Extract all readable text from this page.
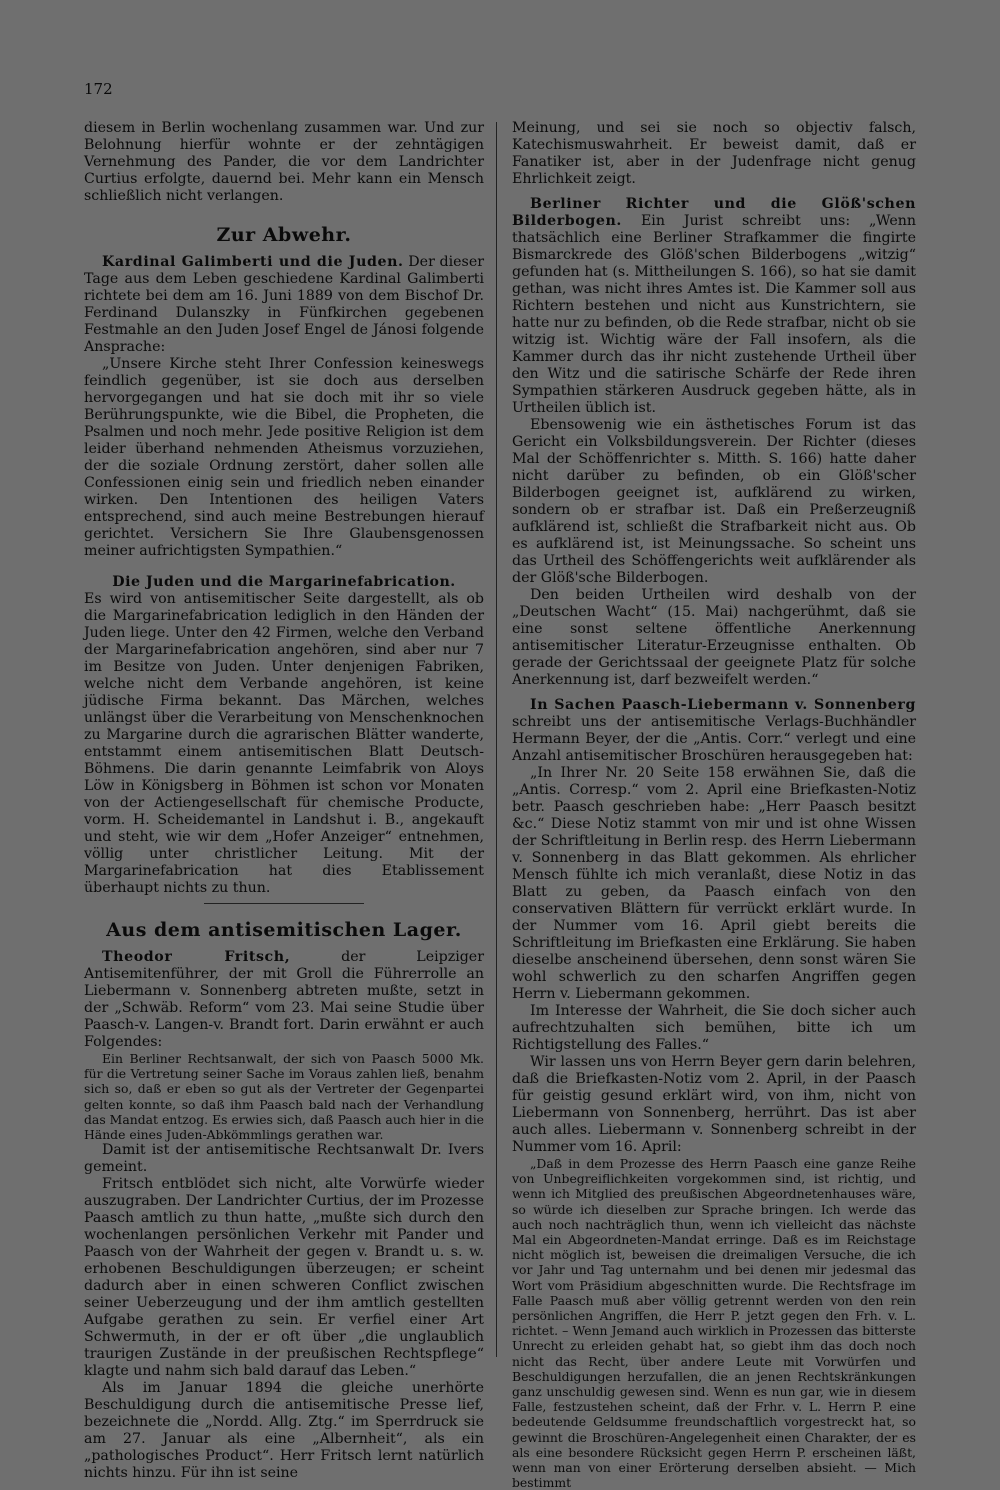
172

diesem in Berlin wochenlang zusammen war. Und zur Belohnung hierfür wohnte er der zehntägigen Vernehmung des Pander, die vor dem Landrichter Curtius erfolgte, dauernd bei. Mehr kann ein Mensch schließlich nicht verlangen.

Zur Abwehr.

Kardinal Galimberti und die Juden. Der dieser Tage aus dem Leben geschiedene Kardinal Galimberti richtete bei dem am 16. Juni 1889 von dem Bischof Dr. Ferdinand Dulanszky in Fünfkirchen gegebenen Festmahle an den Juden Josef Engel de Jánosi folgende Ansprache:

„Unsere Kirche steht Ihrer Confession keineswegs feindlich gegenüber, ist sie doch aus derselben hervorgegangen und hat sie doch mit ihr so viele Berührungspunkte, wie die Bibel, die Propheten, die Psalmen und noch mehr. Jede positive Religion ist dem leider überhand nehmenden Atheismus vorzuziehen, der die soziale Ordnung zerstört, daher sollen alle Confessionen einig sein und friedlich neben einander wirken. Den Intentionen des heiligen Vaters entsprechend, sind auch meine Bestrebungen hierauf gerichtet. Versichern Sie Ihre Glaubensgenossen meiner aufrichtigsten Sympathien.“

Die Juden und die Margarinefabrication.

Es wird von antisemitischer Seite dargestellt, als ob die Margarinefabrication lediglich in den Händen der Juden liege. Unter den 42 Firmen, welche den Verband der Margarinefabrication angehören, sind aber nur 7 im Besitze von Juden. Unter denjenigen Fabriken, welche nicht dem Verbande angehören, ist keine jüdische Firma bekannt. Das Märchen, welches unlängst über die Verarbeitung von Menschenknochen zu Margarine durch die agrarischen Blätter wanderte, entstammt einem antisemitischen Blatt Deutsch-Böhmens. Die darin genannte Leimfabrik von Aloys Löw in Königsberg in Böhmen ist schon vor Monaten von der Actiengesellschaft für chemische Producte, vorm. H. Scheidemantel in Landshut i. B., angekauft und steht, wie wir dem „Hofer Anzeiger“ entnehmen, völlig unter christlicher Leitung. Mit der Margarinefabrication hat dies Etablissement überhaupt nichts zu thun.

Aus dem antisemitischen Lager.

Theodor Fritsch,	der Leipziger Antisemitenführer, der mit Groll die Führerrolle an Liebermann v. Sonnenberg abtreten mußte, setzt in der „Schwäb. Reform“ vom 23. Mai seine Studie über Paasch-v. Langen-v. Brandt fort. Darin erwähnt er auch Folgendes:

Ein Berliner Rechtsanwalt, der sich von Paasch 5000 Mk. für die Vertretung seiner Sache im Voraus zahlen ließ, benahm sich so, daß er eben so gut als der Vertreter der Gegenpartei gelten konnte, so daß ihm Paasch bald nach der Verhandlung das Mandat entzog. Es erwies sich, daß Paasch auch hier in die Hände eines Juden-Abkömmlings gerathen war.

Damit ist der antisemitische Rechtsanwalt Dr. Ivers gemeint.

Fritsch entblödet sich nicht, alte Vorwürfe wieder auszugraben. Der Landrichter Curtius, der im Prozesse Paasch amtlich zu thun hatte, „mußte sich durch den wochenlangen persönlichen Verkehr mit Pander und Paasch von der Wahrheit der gegen v. Brandt u. s. w. erhobenen Beschuldigungen überzeugen; er scheint dadurch aber in einen schweren Conflict zwischen seiner Ueberzeugung und der ihm amtlich gestellten Aufgabe gerathen zu sein. Er verfiel einer Art Schwermuth, in der er oft über „die unglaublich traurigen Zustände in der preußischen Rechtspflege“ klagte und nahm sich bald darauf das Leben.“

Als im Januar 1894 die gleiche unerhörte Beschuldigung durch die antisemitische Presse lief, bezeichnete die „Nordd. Allg. Ztg.“ im Sperrdruck sie am 27. Januar als eine „Albernheit“, als ein „pathologisches Product“. Herr Fritsch lernt natürlich nichts hinzu. Für ihn ist seine

Meinung, und sei sie noch so objectiv falsch, Katechismuswahrheit. Er beweist damit, daß er Fanatiker ist, aber in der Judenfrage nicht genug Ehrlichkeit zeigt.

Berliner Richter und die Glöß'schen Bilderbogen. Ein Jurist schreibt uns: „Wenn thatsächlich eine Berliner Strafkammer die fingirte Bismarckrede des Glöß'schen Bilderbogens „witzig“ gefunden hat (s. Mittheilungen S. 166), so hat sie damit gethan, was nicht ihres Amtes ist. Die Kammer soll aus Richtern bestehen und nicht aus Kunstrichtern, sie hatte nur zu befinden, ob die Rede strafbar, nicht ob sie witzig ist. Wichtig wäre der Fall insofern, als die Kammer durch das ihr nicht zustehende Urtheil über den Witz und die satirische Schärfe der Rede ihren Sympathien stärkeren Ausdruck gegeben hätte, als in Urtheilen üblich ist.

Ebensowenig wie ein ästhetisches Forum ist das Gericht ein Volksbildungsverein. Der Richter (dieses Mal der Schöffenrichter s. Mitth. S. 166) hatte daher nicht darüber zu befinden, ob ein Glöß'scher Bilderbogen geeignet ist, aufklärend zu wirken, sondern ob er strafbar ist. Daß ein Preßerzeugniß aufklärend ist, schließt die Strafbarkeit nicht aus. Ob es aufklärend ist, ist Meinungssache. So scheint uns das Urtheil des Schöffengerichts weit aufklärender als der Glöß'sche Bilderbogen.

Den beiden Urtheilen wird deshalb von der „Deutschen Wacht“ (15. Mai) nachgerühmt, daß sie eine sonst seltene öffentliche Anerkennung antisemitischer Literatur-Erzeugnisse enthalten. Ob gerade der Gerichtssaal der geeignete Platz für solche Anerkennung ist, darf bezweifelt werden.“

In Sachen Paasch-Liebermann v. Sonnenberg schreibt uns der antisemitische Verlags-Buchhändler Hermann Beyer, der die „Antis. Corr.“ verlegt und eine Anzahl antisemitischer Broschüren herausgegeben hat:

„In Ihrer Nr. 20 Seite 158 erwähnen Sie, daß die „Antis. Corresp.“ vom 2. April eine Briefkasten-Notiz betr. Paasch geschrieben habe: „Herr Paasch besitzt &c.“ Diese Notiz stammt von mir und ist ohne Wissen der Schriftleitung in Berlin resp. des Herrn Liebermann v. Sonnenberg in das Blatt gekommen. Als ehrlicher Mensch fühlte ich mich veranlaßt, diese Notiz in das Blatt zu geben, da Paasch einfach von den conservativen Blättern für verrückt erklärt wurde. In der Nummer vom 16. April giebt bereits die Schriftleitung im Briefkasten eine Erklärung. Sie haben dieselbe anscheinend übersehen, denn sonst wären Sie wohl schwerlich zu den scharfen Angriffen gegen Herrn v. Liebermann gekommen.

Im Interesse der Wahrheit, die Sie doch sicher auch aufrechtzuhalten sich bemühen, bitte ich um Richtigstellung des Falles.“

Wir lassen uns von Herrn Beyer gern darin belehren, daß die Briefkasten-Notiz vom 2. April, in der Paasch für geistig gesund erklärt wird, von ihm, nicht von Liebermann von Sonnenberg, herrührt. Das ist aber auch alles. Liebermann v. Sonnenberg schreibt in der Nummer vom 16. April:

„Daß in dem Prozesse des Herrn Paasch eine ganze Reihe von Unbegreiflichkeiten vorgekommen sind, ist richtig, und wenn ich Mitglied des preußischen Abgeordnetenhauses wäre, so würde ich dieselben zur Sprache bringen. Ich werde das auch noch nachträglich thun, wenn ich vielleicht das nächste Mal ein Abgeordneten-Mandat erringe. Daß es im Reichstage nicht möglich ist, beweisen die dreimaligen Versuche, die ich vor Jahr und Tag unternahm und bei denen mir jedesmal das Wort vom Präsidium abgeschnitten wurde. Die Rechtsfrage im Falle Paasch muß aber völlig getrennt werden von den rein persönlichen Angriffen, die Herr P. jetzt gegen den Frh. v. L. richtet. – Wenn Jemand auch wirklich in Prozessen das bitterste Unrecht zu erleiden gehabt hat, so giebt ihm das doch noch nicht das Recht, über andere Leute mit Vorwürfen und Beschuldigungen herzufallen, die an jenen Rechtskränkungen ganz unschuldig gewesen sind. Wenn es nun gar, wie in diesem Falle, festzustehen scheint, daß der Frhr. v. L. Herrn P. eine bedeutende Geldsumme freundschaftlich vorgestreckt hat, so gewinnt die Broschüren-Angelegenheit einen Charakter, der es als eine besondere Rücksicht gegen Herrn P. erscheinen läßt, wenn man von einer Erörterung derselben absieht. — Mich bestimmt
